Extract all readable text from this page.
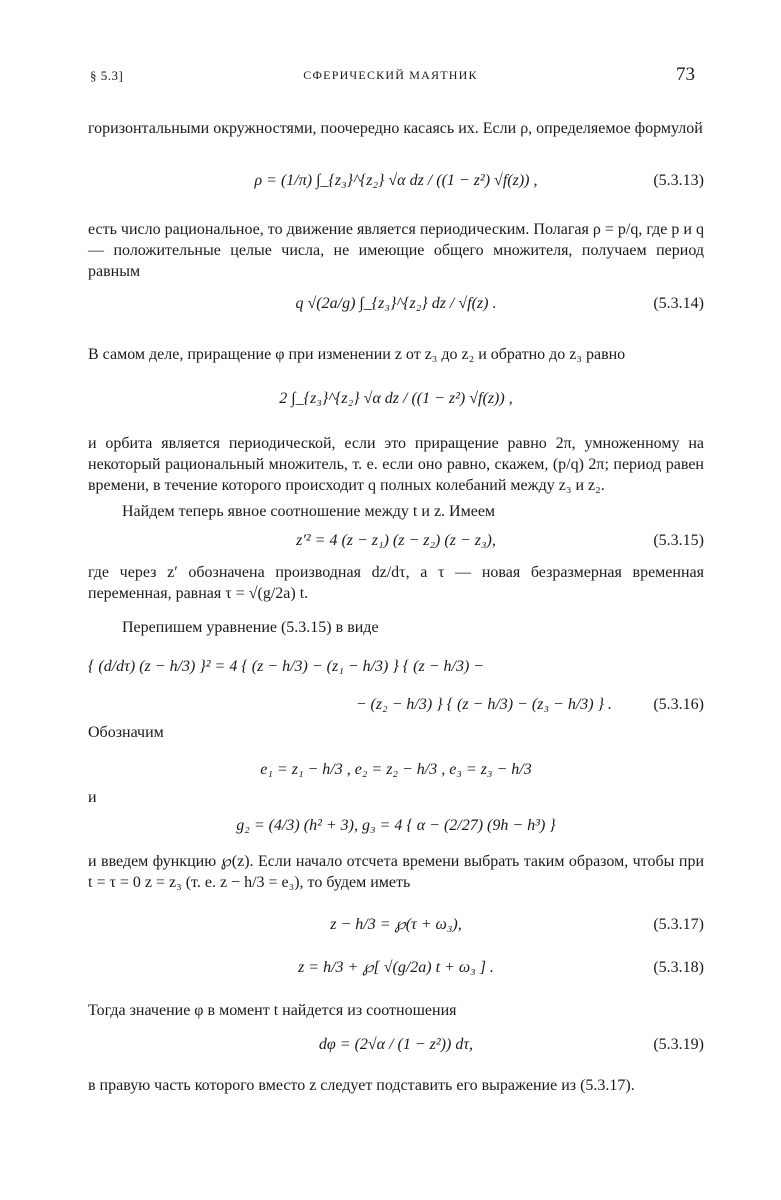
§ 5.3]	СФЕРИЧЕСКИЙ МАЯТНИК	73

горизонтальными окружностями, поочередно касаясь их. Если ρ, определяемое формулой

ρ = (1/π) ∫_{z₃}^{z₂} √α dz / ((1 − z²) √f(z)) ,	(5.3.13)

есть число рациональное, то движение является периодическим. Полагая ρ = p/q, где p и q — положительные целые числа, не имеющие общего множителя, получаем период равным

q √(2a/g) ∫_{z₃}^{z₂} dz / √f(z) .	(5.3.14)

В самом деле, приращение φ при изменении z от z₃ до z₂ и обратно до z₃ равно

2 ∫_{z₃}^{z₂} √α dz / ((1 − z²) √f(z)) ,

и орбита является периодической, если это приращение равно 2π, умноженному на некоторый рациональный множитель, т. е. если оно равно, скажем, (p/q) 2π; период равен времени, в течение которого происходит q полных колебаний между z₃ и z₂.

Найдем теперь явное соотношение между t и z. Имеем

z′² = 4 (z − z₁) (z − z₂) (z − z₃),	(5.3.15)

где через z′ обозначена производная dz/dτ, а τ — новая безразмерная временная переменная, равная τ = √(g/2a) t.

Перепишем уравнение (5.3.15) в виде

{ (d/dτ) (z − h/3) }² = 4 { (z − h/3) − (z₁ − h/3) } { (z − h/3) −
− (z₂ − h/3) } { (z − h/3) − (z₃ − h/3) } .	(5.3.16)

Обозначим

e₁ = z₁ − h/3 , e₂ = z₂ − h/3 , e₃ = z₃ − h/3

и

g₂ = (4/3) (h² + 3), g₃ = 4 { α − (2/27) (9h − h³) }

и введем функцию ℘(z). Если начало отсчета времени выбрать таким образом, чтобы при t = τ = 0 z = z₃ (т. е. z − h/3 = e₃), то будем иметь

z − h/3 = ℘(τ + ω₃),	(5.3.17)
z = h/3 + ℘[ √(g/2a) t + ω₃ ] .	(5.3.18)

Тогда значение φ в момент t найдется из соотношения

dφ = (2√α / (1 − z²)) dτ,	(5.3.19)

в правую часть которого вместо z следует подставить его выражение из (5.3.17).
